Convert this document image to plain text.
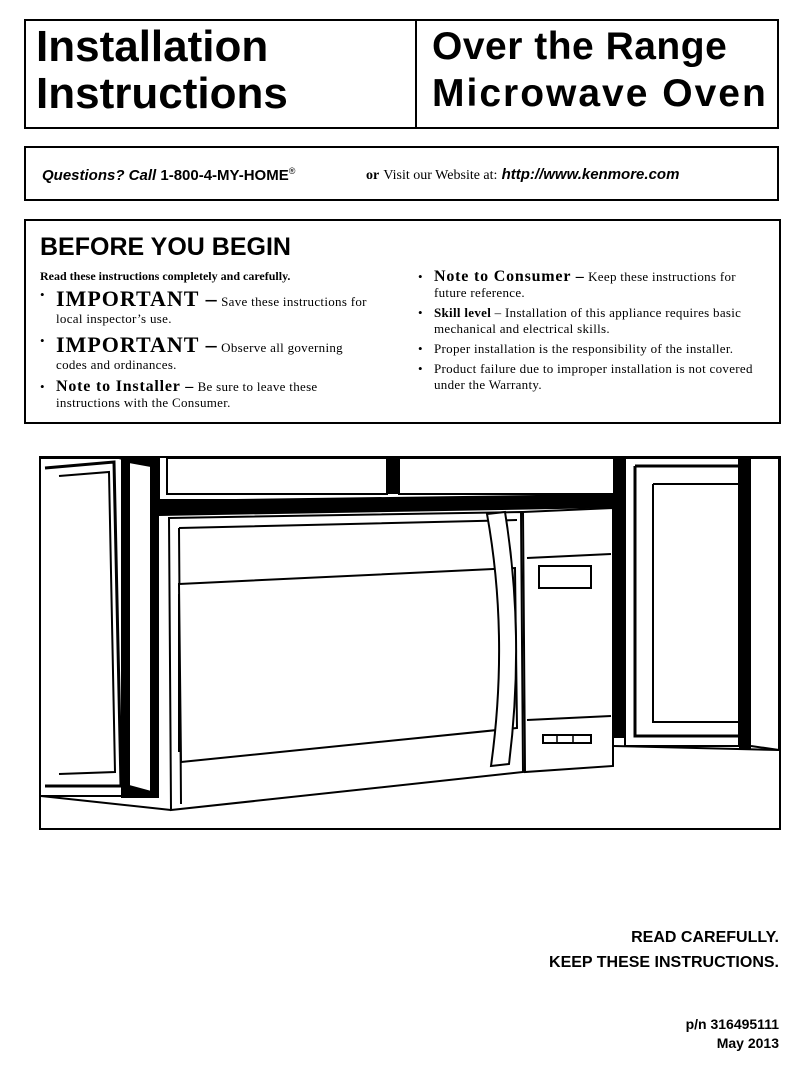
Installation
Instructions
Over the Range
Microwave Oven
Questions? Call 1-800-4-MY-HOME®	or Visit our Website at: http://www.kenmore.com
BEFORE YOU BEGIN
Read these instructions completely and carefully.
• IMPORTANT – Save these instructions for local inspector’s use.
• IMPORTANT – Observe all governing codes and ordinances.
• Note to Installer – Be sure to leave these instructions with the Consumer.
• Note to Consumer – Keep these instructions for future reference.
• Skill level – Installation of this appliance requires basic mechanical and electrical skills.
• Proper installation is the responsibility of the installer.
• Product failure due to improper installation is not covered under the Warranty.
READ CAREFULLY.
KEEP THESE INSTRUCTIONS.
p/n 316495111
May 2013
